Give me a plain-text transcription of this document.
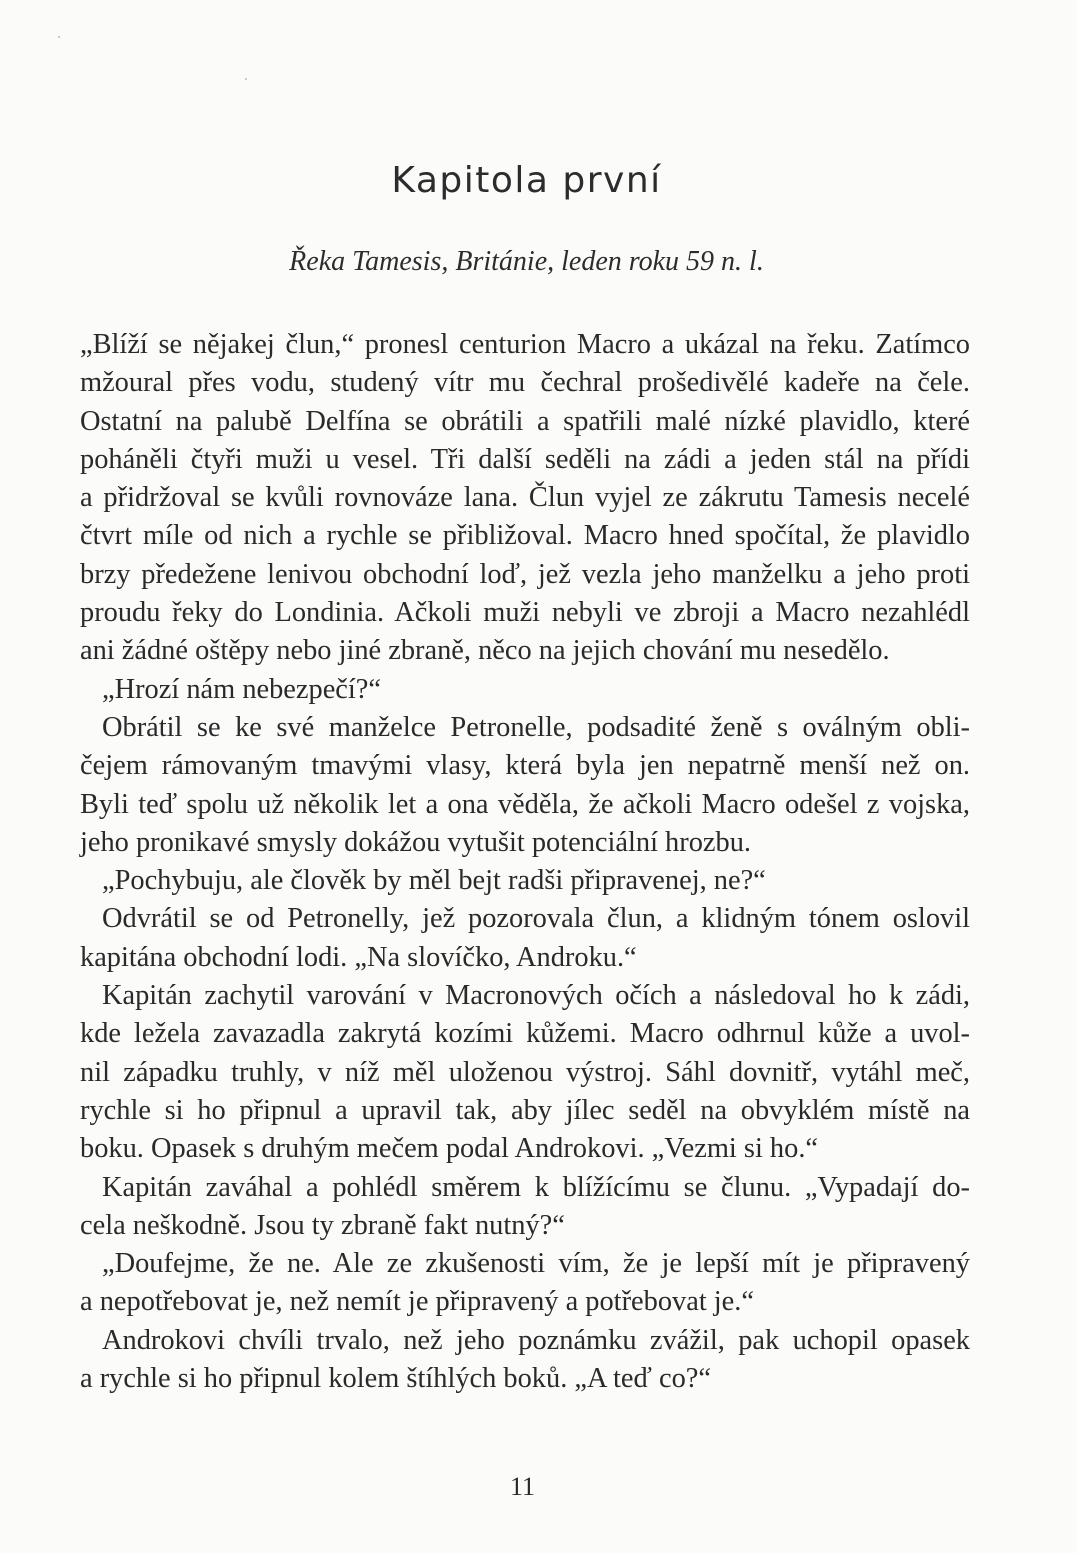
Kapitola první
Řeka Tamesis, Británie, leden roku 59 n. l.
„Blíží se nějakej člun,“ pronesl centurion Macro a ukázal na řeku. Zatímco
mžoural přes vodu, studený vítr mu čechral prošedivělé kadeře na čele.
Ostatní na palubě Delfína se obrátili a spatřili malé nízké plavidlo, které
poháněli čtyři muži u vesel. Tři další seděli na zádi a jeden stál na přídi
a přidržoval se kvůli rovnováze lana. Člun vyjel ze zákrutu Tamesis necelé
čtvrt míle od nich a rychle se přibližoval. Macro hned spočítal, že plavidlo
brzy předežene lenivou obchodní loď, jež vezla jeho manželku a jeho proti
proudu řeky do Londinia. Ačkoli muži nebyli ve zbroji a Macro nezahlédl
ani žádné oštěpy nebo jiné zbraně, něco na jejich chování mu nesedělo.
„Hrozí nám nebezpečí?“
Obrátil se ke své manželce Petronelle, podsadité ženě s oválným obli-
čejem rámovaným tmavými vlasy, která byla jen nepatrně menší než on.
Byli teď spolu už několik let a ona věděla, že ačkoli Macro odešel z vojska,
jeho pronikavé smysly dokážou vytušit potenciální hrozbu.
„Pochybuju, ale člověk by měl bejt radši připravenej, ne?“
Odvrátil se od Petronelly, jež pozorovala člun, a klidným tónem oslovil
kapitána obchodní lodi. „Na slovíčko, Androku.“
Kapitán zachytil varování v Macronových očích a následoval ho k zádi,
kde ležela zavazadla zakrytá kozími kůžemi. Macro odhrnul kůže a uvol-
nil západku truhly, v níž měl uloženou výstroj. Sáhl dovnitř, vytáhl meč,
rychle si ho připnul a upravil tak, aby jílec seděl na obvyklém místě na
boku. Opasek s druhým mečem podal Androkovi. „Vezmi si ho.“
Kapitán zaváhal a pohlédl směrem k blížícímu se člunu. „Vypadají do-
cela neškodně. Jsou ty zbraně fakt nutný?“
„Doufejme, že ne. Ale ze zkušenosti vím, že je lepší mít je připravený
a nepotřebovat je, než nemít je připravený a potřebovat je.“
Androkovi chvíli trvalo, než jeho poznámku zvážil, pak uchopil opasek
a rychle si ho připnul kolem štíhlých boků. „A teď co?“
11
